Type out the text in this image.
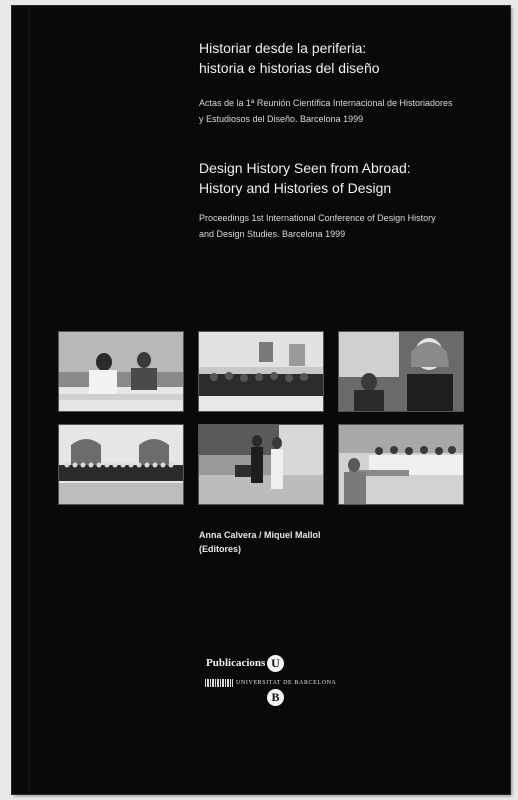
Historiar desde la periferia:

historia e historias del diseño

Actas de la 1ª Reunión Científica Internacional de Historiadores

y Estudiosos del Diseño. Barcelona 1999

Design History Seen from Abroad:

History and Histories of Design

Proceedings 1st International Conference of Design History

and Design Studies. Barcelona 1999

Anna Calvera / Miquel Mallol
(Editores)
Publicacions U
UNIVERSITAT DE BARCELONA
B
